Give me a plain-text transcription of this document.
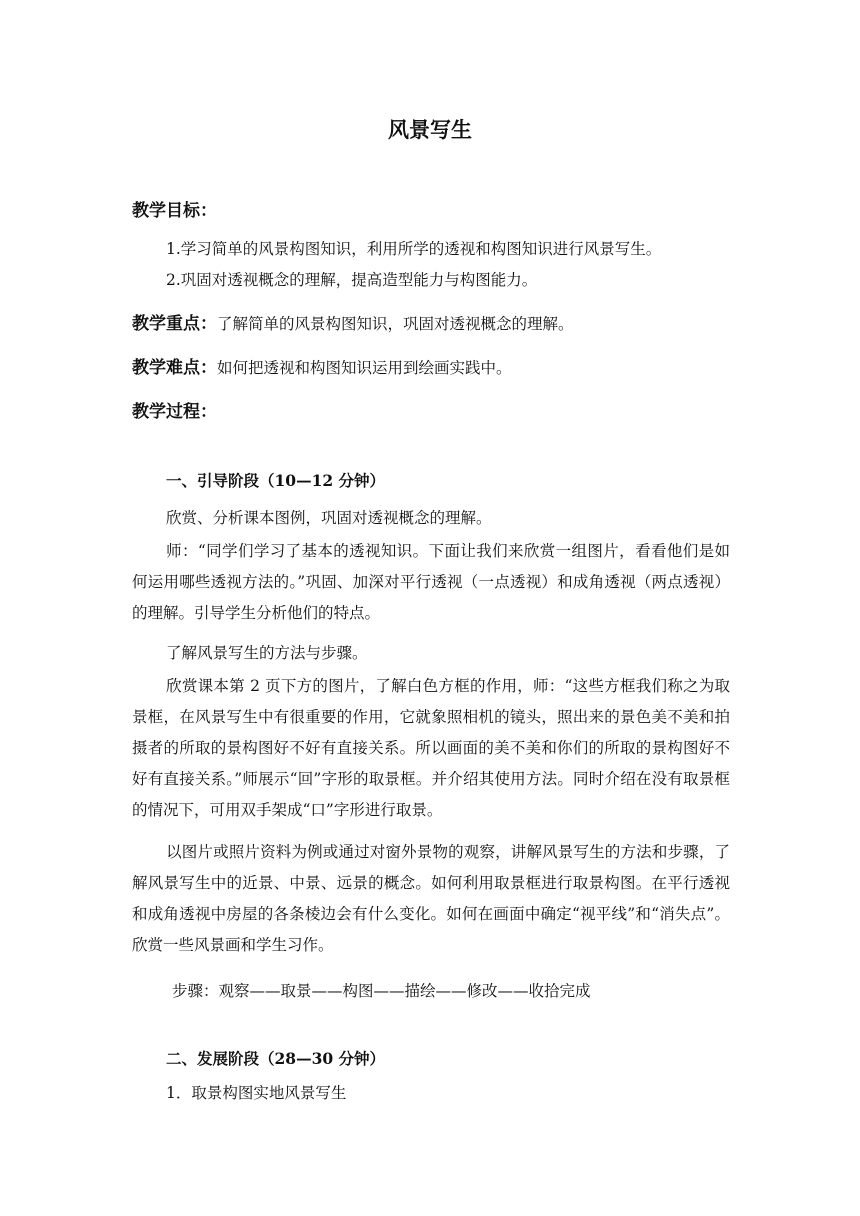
风景写生
教学目标：
1.学习简单的风景构图知识，利用所学的透视和构图知识进行风景写生。
2.巩固对透视概念的理解，提高造型能力与构图能力。
教学重点：了解简单的风景构图知识，巩固对透视概念的理解。
教学难点：如何把透视和构图知识运用到绘画实践中。
教学过程：
一、引导阶段（10—12 分钟）
欣赏、分析课本图例，巩固对透视概念的理解。
师：“同学们学习了基本的透视知识。下面让我们来欣赏一组图片，看看他们是如何运用哪些透视方法的。”巩固、加深对平行透视（一点透视）和成角透视（两点透视）的理解。引导学生分析他们的特点。
了解风景写生的方法与步骤。
欣赏课本第 2 页下方的图片，了解白色方框的作用，师：“这些方框我们称之为取景框，在风景写生中有很重要的作用，它就象照相机的镜头，照出来的景色美不美和拍摄者的所取的景构图好不好有直接关系。所以画面的美不美和你们的所取的景构图好不好有直接关系。”师展示“回”字形的取景框。并介绍其使用方法。同时介绍在没有取景框的情况下，可用双手架成“口”字形进行取景。
以图片或照片资料为例或通过对窗外景物的观察，讲解风景写生的方法和步骤，了解风景写生中的近景、中景、远景的概念。如何利用取景框进行取景构图。在平行透视和成角透视中房屋的各条棱边会有什么变化。如何在画面中确定“视平线”和“消失点”。欣赏一些风景画和学生习作。
步骤：观察——取景——构图——描绘——修改——收拾完成
二、发展阶段（28—30 分钟）
1．取景构图实地风景写生
